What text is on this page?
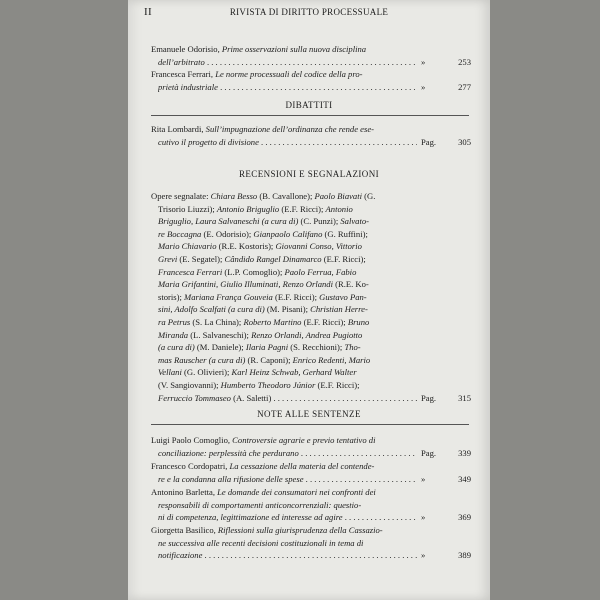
II	RIVISTA DI DIRITTO PROCESSUALE
Emanuele Odorisio, Prime osservazioni sulla nuova disciplina
dell’arbitrato . . .	»	253
Francesca Ferrari, Le norme processuali del codice della pro-
prietà industriale . . .	»	277
DIBATTITI
Rita Lombardi, Sull’impugnazione dell’ordinanza che rende ese-
cutivo il progetto di divisione . . .	Pag.	305
RECENSIONI E SEGNALAZIONI
Opere segnalate: Chiara Besso (B. Cavallone); Paolo Biavati (G.
Trisorio Liuzzi); Antonio Briguglio (E.F. Ricci); Antonio
Briguglio, Laura Salvaneschi (a cura di) (C. Punzi); Salvato-
re Boccagna (E. Odorisio); Gianpaolo Califano (G. Ruffini);
Mario Chiavario (R.E. Kostoris); Giovanni Conso, Vittorio
Grevi (E. Segatel); Cândido Rangel Dinamarco (E.F. Ricci);
Francesca Ferrari (L.P. Comoglio); Paolo Ferrua, Fabio
Maria Grifantini, Giulio Illuminati, Renzo Orlandi (R.E. Ko-
storis); Mariana França Gouveia (E.F. Ricci); Gustavo Pan-
sini, Adolfo Scalfati (a cura di) (M. Pisani); Christian Herre-
ra Petrus (S. La China); Roberto Martino (E.F. Ricci); Bruno
Miranda (L. Salvaneschi); Renzo Orlandi, Andrea Pugiotto
(a cura di) (M. Daniele); Ilaria Pagni (S. Recchioni); Tho-
mas Rauscher (a cura di) (R. Caponi); Enrico Redenti, Mario
Vellani (G. Olivieri); Karl Heinz Schwab, Gerhard Walter
(V. Sangiovanni); Humberto Theodoro Júnior (E.F. Ricci);
Ferruccio Tommaseo (A. Saletti) . . .	Pag.	315
NOTE ALLE SENTENZE
Luigi Paolo Comoglio, Controversie agrarie e previo tentativo di
conciliazione: perplessità che perdurano . . .	Pag.	339
Francesco Cordopatri, La cessazione della materia del contende-
re e la condanna alla rifusione delle spese . . .	»	349
Antonino Barletta, Le domande dei consumatori nei confronti dei
responsabili di comportamenti anticoncorrenziali: questio-
ni di competenza, legittimazione ed interesse ad agire . . .	»	369
Giorgetta Basilico, Riflessioni sulla giurisprudenza della Cassazio-
ne successiva alle recenti decisioni costituzionali in tema di
notificazione . . .	»	389
